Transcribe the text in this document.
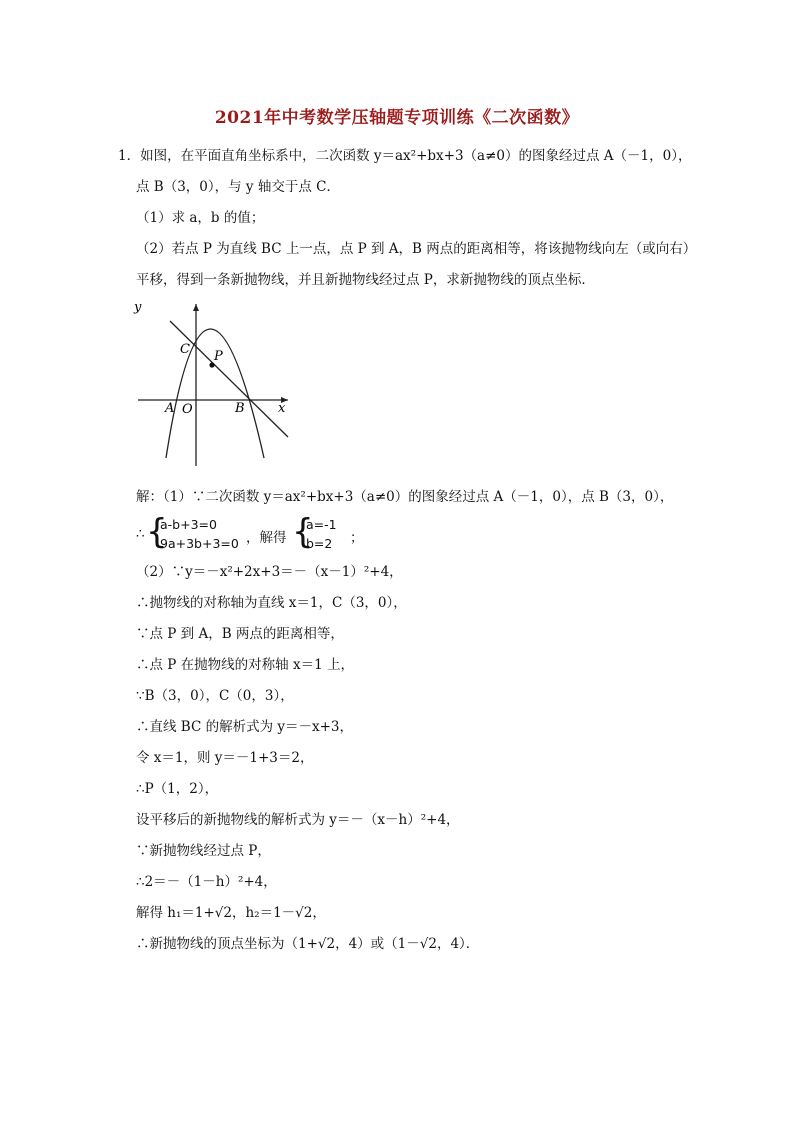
2021年中考数学压轴题专项训练《二次函数》
1．如图，在平面直角坐标系中，二次函数 y＝ax²+bx+3（a≠0）的图象经过点 A（－1，0），
点 B（3，0），与 y 轴交于点 C．
（1）求 a，b 的值；
（2）若点 P 为直线 BC 上一点，点 P 到 A，B 两点的距离相等，将该抛物线向左（或向右）
平移，得到一条新抛物线，并且新抛物线经过点 P，求新抛物线的顶点坐标．
y
x
C P
A O	B
解：（1）∵二次函数 y＝ax²+bx+3（a≠0）的图象经过点 A（－1，0），点 B（3，0），
∴ {
a-b+3=0
9a+3b+3=0 ，解得 {
a=-1
b=2	；
（2）∵y＝－x²+2x+3＝－（x－1）²+4，
∴抛物线的对称轴为直线 x＝1，C（3，0），
∵点 P 到 A，B 两点的距离相等，
∴点 P 在抛物线的对称轴 x＝1 上，
∵B（3，0），C（0，3），
∴直线 BC 的解析式为 y＝－x+3，
令 x＝1，则 y＝－1+3＝2，
∴P（1，2），
设平移后的新抛物线的解析式为 y＝－（x－h）²+4，
∵新抛物线经过点 P，
∴2＝－（1－h）²+4，
解得 h₁＝1+√2，h₂＝1－√2，
∴新抛物线的顶点坐标为（1+√2，4）或（1－√2，4）．
